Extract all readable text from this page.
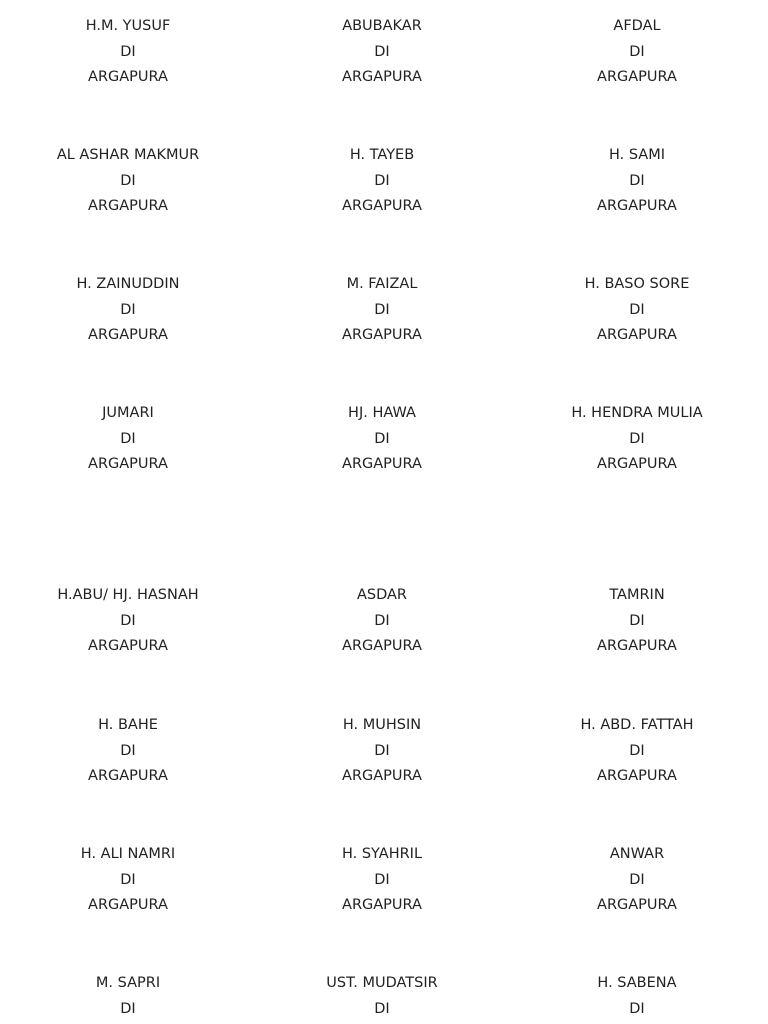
H.M. YUSUF
DI
ARGAPURA
ABUBAKAR
DI
ARGAPURA
AFDAL
DI
ARGAPURA
AL ASHAR MAKMUR
DI
ARGAPURA
H. TAYEB
DI
ARGAPURA
H. SAMI
DI
ARGAPURA
H. ZAINUDDIN
DI
ARGAPURA
M. FAIZAL
DI
ARGAPURA
H. BASO SORE
DI
ARGAPURA
JUMARI
DI
ARGAPURA
HJ. HAWA
DI
ARGAPURA
H. HENDRA MULIA
DI
ARGAPURA
H.ABU/ HJ. HASNAH
DI
ARGAPURA
ASDAR
DI
ARGAPURA
TAMRIN
DI
ARGAPURA
H. BAHE
DI
ARGAPURA
H. MUHSIN
DI
ARGAPURA
H. ABD. FATTAH
DI
ARGAPURA
H. ALI NAMRI
DI
ARGAPURA
H. SYAHRIL
DI
ARGAPURA
ANWAR
DI
ARGAPURA
M. SAPRI
DI
UST. MUDATSIR
DI
H. SABENA
DI
